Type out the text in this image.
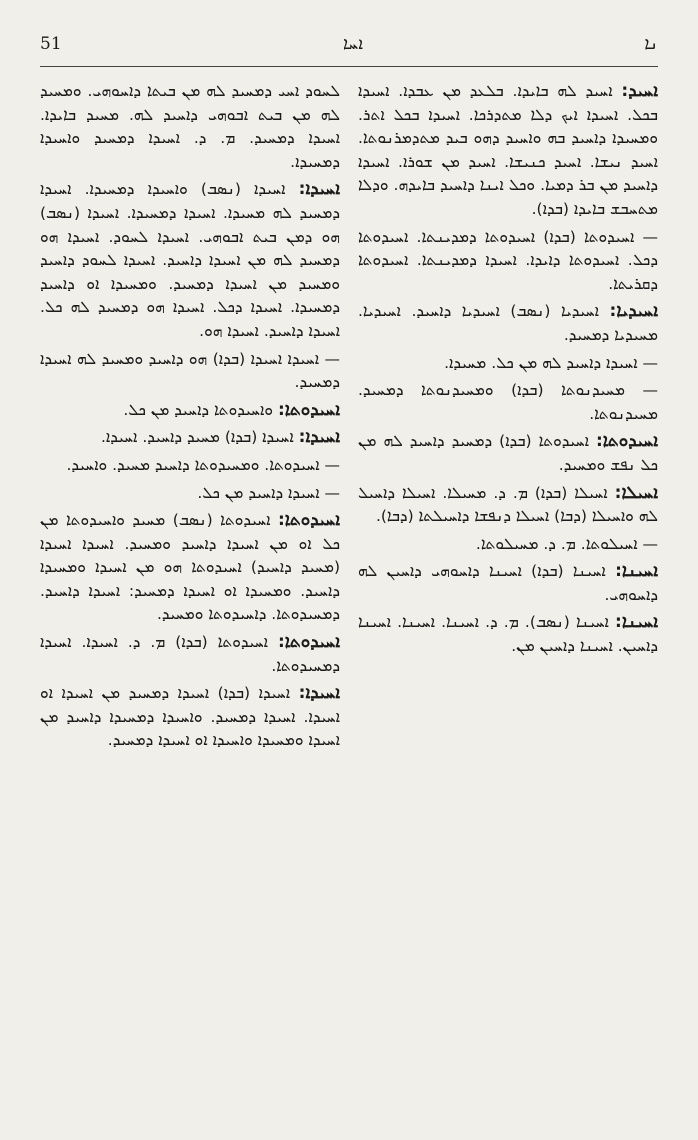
51	ܐܚܐ	ܢܐ

ܐܚܝܕ: ܐܚܝܕ ܠܗ ܒܐܝܕܐ. ܒܠܥܕ ܡܢ ܥܒܕܐ. ܐܚܝܕܐ ܒܟܠ. ܐܚܝܕܐ ܐܝܟ ܕܠܐ ܡܬܕܪܟܐ. ܐܚܝܕܐ ܒܟܠ ܐܬܪ. ܘܡܚܝܕܐ ܕܐܚܝܕ ܒܗ ܘܐܚܝܕ ܕܗܘ ܒܝܕ ܡܬܕܡܪܢܘܬܐ. ܐܚܝܕ ܢܝܫܐ. ܐܚܝܕ ܟܢܝܫܐ. ܐܚܝܕ ܡܢ ܫܘܪܐ. ܐܚܝܕܐ ܕܐܚܝܕ ܡܢ ܒܪ ܕܡܝܐ. ܘܟܠ ܐܝܢܐ ܕܐܚܝܕ ܒܐܝܕܗ. ܘܕܠܐ ܡܬܚܒܫ ܒܐܝܕܐ (ܒܕܐ).

— ܐܚܝܕܘܬܐ (ܒܕܐ) ܐܚܝܕܘܬܐ ܕܡܕܝܢܬܐ. ܐܚܝܕܘܬܐ ܕܟܠ. ܐܚܝܕܘܬܐ ܕܐܝܕܐ. ܐܚܝܕܐ ܕܡܕܝܢܬܐ. ܐܚܝܕܘܬܐ ܕܩܪܝܬܐ.

ܐܚܝܕܝܐ: ܐܚܝܕܝܐ (ܢܣܒ) ܐܚܝܕܝܐ ܕܐܚܝܕ. ܐܚܝܕܝܐ. ܡܚܝܕܝܐ ܕܡܚܝܕ.

— ܐܚܝܕܐ ܕܐܚܝܕ ܠܗ ܡܢ ܟܠ. ܡܚܝܕܐ.

— ܡܚܝܕܢܘܬܐ (ܒܕܐ) ܘܡܚܝܕܢܘܬܐ ܕܡܚܝܕ. ܡܚܝܕܢܘܬܐ.

ܐܚܝܕܘܬܐ: ܐܚܝܕܘܬܐ (ܒܕܐ) ܕܡܚܝܕ ܕܐܚܝܕ ܠܗ ܡܢ ܟܠ ܢܦܫ ܘܡܚܝܕ.

ܐܚܝܠܐ: ܐܚܝܠܐ (ܒܕܐ) ܡ. ܕ. ܡܚܝܠܐ. ܐܚܝܠܐ ܕܐܚܝܠ ܠܗ ܘܐܚܝܠܐ (ܕܒܐ) ܐܚܝܠܐ ܕܢܦܫܐ ܕܐܚܝܠܬܐ (ܕܒܐ).

— ܐܚܝܠܘܬܐ. ܡ. ܕ. ܡܚܝܠܘܬܐ.

ܐܚܝܢܐ: ܐܚܝܢܐ (ܒܕܐ) ܐܚܝܢܐ ܕܐܚܘܗܝ ܕܐܚܝܢ ܠܗ ܕܐܚܘܗܝ.

ܐܚܝܢܐ: ܐܚܝܢܐ (ܢܣܒ). ܡ. ܕ. ܐܚܝܢܐ. ܐܚܝܢܐ. ܐܚܝܢܐ ܕܐܚܝܢ. ܐܚܝܢܐ ܕܐܚܝܢ ܡܢ.

ܠܚܘܕ ܐܚܝ ܕܡܚܝܕ ܠܗ ܡܢ ܒܝܬܐ ܕܐܚܘܗܝ. ܘܡܚܝܕ ܠܗ ܡܢ ܒܝܬ ܐܒܘܗܝ ܕܐܚܝܕ ܠܗ. ܡܚܝܕ ܒܐܝܕܐ. ܐܚܝܕܐ ܕܡܚܝܕ. ܡ. ܕ. ܐܚܝܕܐ ܕܡܚܝܕ ܘܐܚܝܕܐ ܕܡܚܝܕܐ.

ܐܚܝܕܐ: ܐܚܝܕܐ (ܢܣܒ) ܘܐܚܝܕܐ ܕܡܚܝܕܐ. ܐܚܝܕܐ ܕܡܚܝܕ ܠܗ ܡܚܝܕܐ. ܐܚܝܕܐ ܕܡܚܝܕܐ. ܐܚܝܕܐ (ܢܣܒ) ܗܘ ܕܡܢ ܒܝܬ ܐܒܘܗܝ. ܐܚܝܕܐ ܠܚܘܕ. ܐܚܝܕܐ ܗܘ ܕܡܚܝܕ ܠܗ ܡܢ ܐܚܝܕܐ ܕܐܚܝܕ. ܐܚܝܕܐ ܠܚܘܕ ܕܐܚܝܕ ܘܡܚܝܕ ܡܢ ܐܚܝܕܐ ܕܡܚܝܕ. ܘܡܚܝܕܐ ܐܘ ܕܐܚܝܕ ܕܡܚܝܕܐ. ܐܚܝܕܐ ܕܟܠ. ܐܚܝܕܐ ܗܘ ܕܡܚܝܕ ܠܗ ܟܠ. ܐܚܝܕܐ ܕܐܚܝܕ. ܐܚܝܕܐ ܗܘ.

— ܐܚܝܕܐ ܐܚܝܕܐ (ܒܕܐ) ܗܘ ܕܐܚܝܕ ܘܡܚܝܕ ܠܗ ܐܚܝܕܐ ܕܡܚܝܕ.

ܐܚܝܕܘܬܐ: ܘܐܚܝܕܘܬܐ ܕܐܚܝܕ ܡܢ ܟܠ.

ܐܚܝܕܐ: ܐܚܝܕܐ (ܒܕܐ) ܡܚܝܕ ܕܐܚܝܕ. ܐܚܝܕܐ.

— ܐܚܝܕܘܬܐ. ܘܡܚܝܕܘܬܐ ܕܐܚܝܕ ܡܚܝܕ. ܘܐܚܝܕ.

— ܐܚܝܕܐ ܕܐܚܝܕ ܡܢ ܟܠ.

ܐܚܝܕܘܬܐ: ܐܚܝܕܘܬܐ (ܢܣܒ) ܡܚܝܕ ܘܐܚܝܕܘܬܐ ܡܢ ܟܠ ܐܘ ܡܢ ܐܚܝܕܐ ܕܐܚܝܕ ܘܡܚܝܕ. ܐܚܝܕܐ ܐܚܝܕܐ (ܡܚܝܕ ܕܐܚܝܕ) ܐܚܝܕܘܬܐ ܗܘ ܡܢ ܐܚܝܕܐ ܘܡܚܝܕܐ ܕܐܚܝܕ. ܘܡܚܝܕܐ ܐܘ ܐܚܝܕܐ ܕܡܚܝܕ: ܐܚܝܕܐ ܕܐܚܝܕ. ܕܡܚܝܕܘܬܐ. ܕܐܚܝܕܘܬܐ ܘܡܚܝܕ.

ܐܚܝܕܘܬܐ: ܐܚܝܕܘܬܐ (ܒܕܐ) ܡ. ܕ. ܐܚܝܕܐ. ܐܚܝܕܐ ܕܡܚܝܕܘܬܐ.

ܐܚܝܕܐ: ܐܚܝܕܐ (ܒܕܐ) ܐܚܝܕܐ ܕܡܚܝܕ ܡܢ ܐܚܝܕܐ ܐܘ ܐܚܝܕܐ. ܐܚܝܕܐ ܕܡܚܝܕ. ܘܐܚܝܕܐ ܕܡܚܝܕܐ ܕܐܚܝܕ ܡܢ ܐܚܝܕܐ ܘܡܚܝܕܐ ܘܐܚܝܕܐ ܐܘ ܐܚܝܕܐ ܕܡܚܝܕ.
